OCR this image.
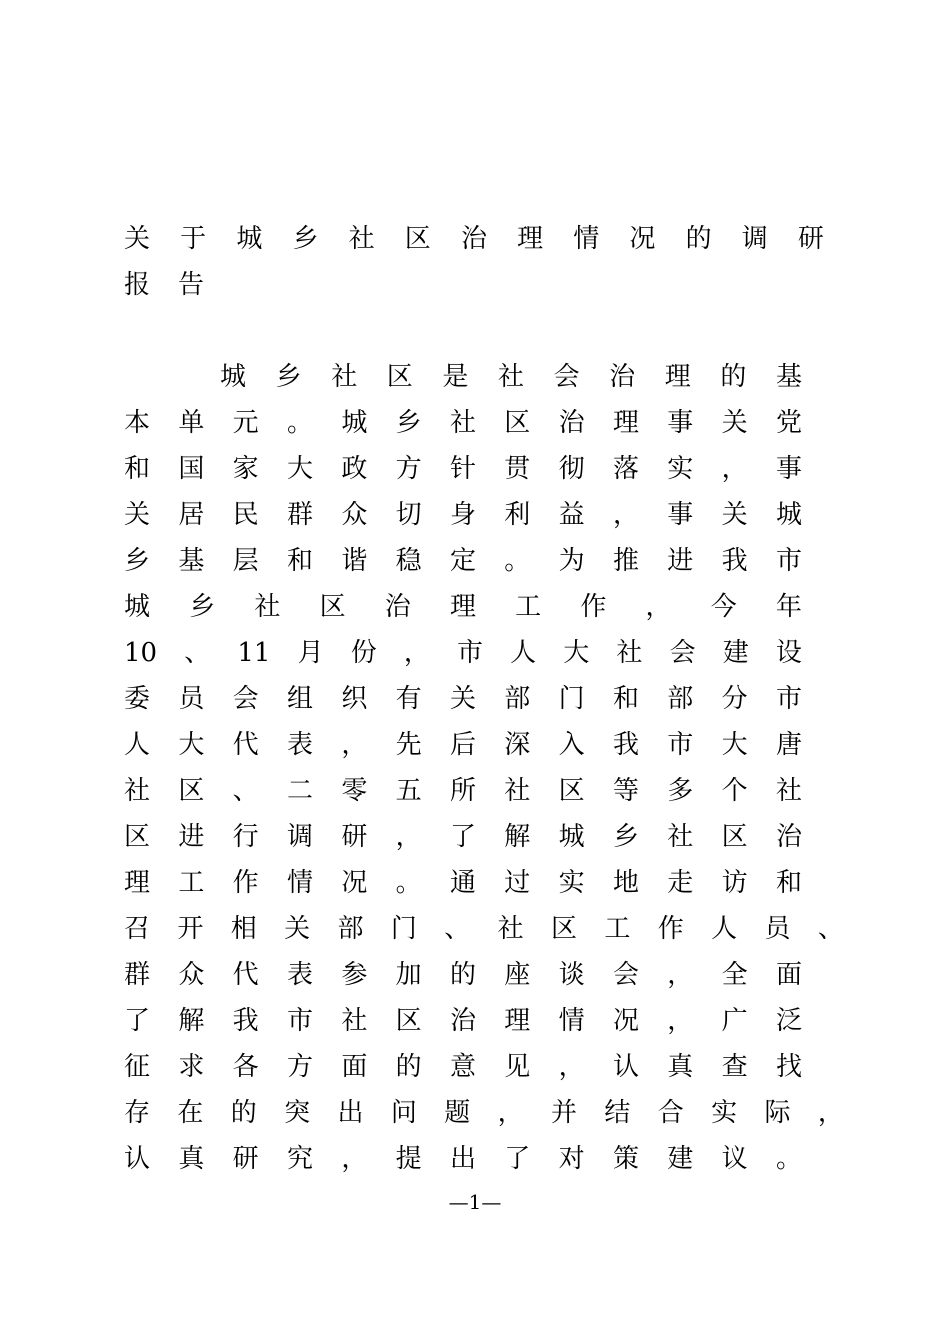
关 于 城 乡 社 区 治 理 情 况 的 调 研
报 告
城 乡 社 区 是 社 会 治 理 的 基
本 单 元 。 城 乡 社 区 治 理 事 关 党
和 国 家 大 政 方 针 贯 彻 落 实 ， 事
关 居 民 群 众 切 身 利 益 ， 事 关 城
乡 基 层 和 谐 稳 定 。 为 推 进 我 市
城 乡 社 区 治 理 工 作 ， 今 年
10 、 11 月 份 ， 市 人 大 社 会 建 设
委 员 会 组 织 有 关 部 门 和 部 分 市
人 大 代 表 ， 先 后 深 入 我 市 大 唐
社 区 、 二 零 五 所 社 区 等 多 个 社
区 进 行 调 研 ， 了 解 城 乡 社 区 治
理 工 作 情 况 。 通 过 实 地 走 访 和
召 开 相 关 部 门 、 社 区 工 作 人 员 、
群 众 代 表 参 加 的 座 谈 会 ， 全 面
了 解 我 市 社 区 治 理 情 况 ， 广 泛
征 求 各 方 面 的 意 见 ， 认 真 查 找
存 在 的 突 出 问 题 ， 并 结 合 实 际 ，
认 真 研 究 ， 提 出 了 对 策 建 议 。
—1—
